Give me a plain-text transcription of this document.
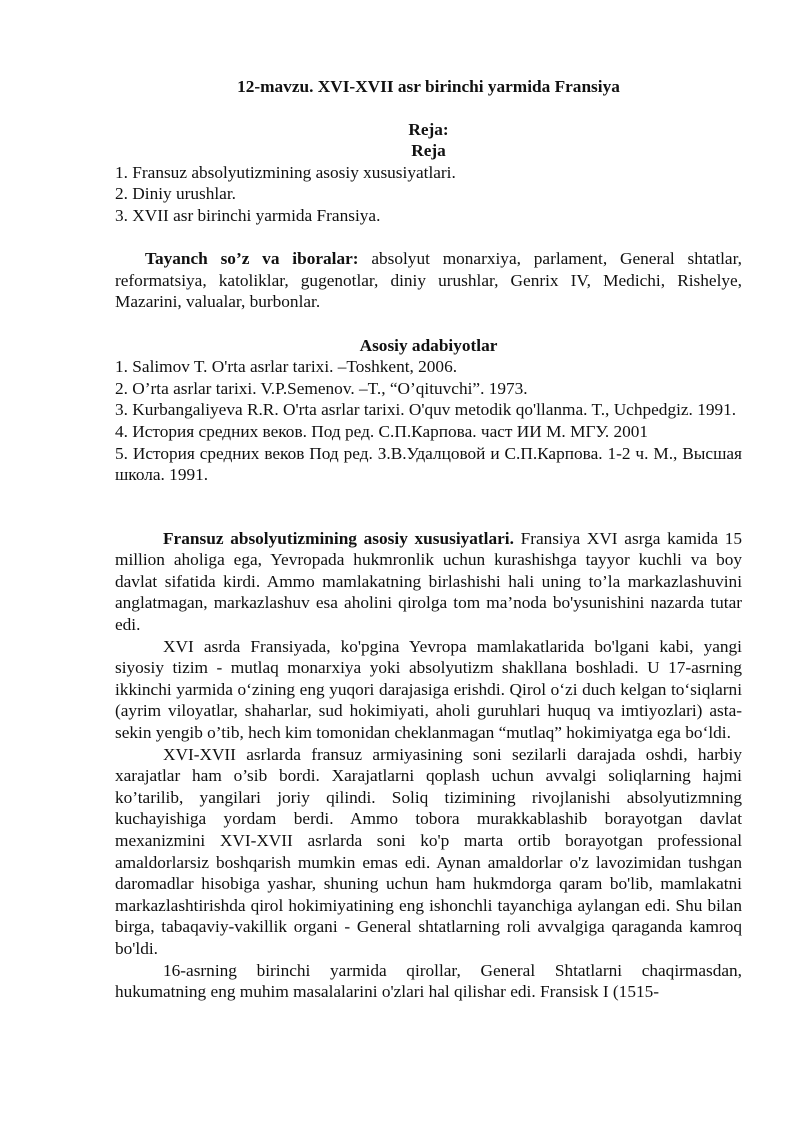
12-mavzu. XVI-XVII asr birinchi yarmida Fransiya

Reja:

Reja

1. Fransuz absolyutizmining asosiy xususiyatlari.

2. Diniy urushlar.

3. XVII asr birinchi yarmida Fransiya.

Tayanch so’z va iboralar: absolyut monarxiya, parlament, General shtatlar, reformatsiya, katoliklar, gugenotlar, diniy urushlar, Genrix IV, Medichi, Rishelye, Mazarini, valualar, burbonlar.

Asosiy adabiyotlar

1. Salimov T. O'rta asrlar tarixi. –Toshkent, 2006.

2. O’rta asrlar tarixi. V.P.Semenov. –T., “O’qituvchi”. 1973.

3. Kurbangaliyeva R.R. O'rta asrlar tarixi. O'quv metodik qo'llanma. T., Uchpedgiz. 1991.

4. История средних веков. Под ред. С.П.Карпова. част ИИ М. МГУ. 2001

5. История средних веков Под ред. З.В.Удалцовой и С.П.Карпова. 1-2 ч. М., Высшая школа. 1991.

Fransuz absolyutizmining asosiy xususiyatlari. Fransiya XVI asrga kamida 15 million aholiga ega, Yevropada hukmronlik uchun kurashishga tayyor kuchli va boy davlat sifatida kirdi. Ammo mamlakatning birlashishi hali uning to’la markazlashuvini anglatmagan, markazlashuv esa aholini qirolga tom ma’noda bo'ysunishini nazarda tutar edi.

XVI asrda Fransiyada, ko'pgina Yevropa mamlakatlarida bo'lgani kabi, yangi siyosiy tizim - mutlaq monarxiya yoki absolyutizm shakllana boshladi. U 17-asrning ikkinchi yarmida o‘zining eng yuqori darajasiga erishdi. Qirol o‘zi duch kelgan to‘siqlarni (ayrim viloyatlar, shaharlar, sud hokimiyati, aholi guruhlari huquq va imtiyozlari) asta-sekin yengib o’tib, hech kim tomonidan cheklanmagan “mutlaq” hokimiyatga ega bo‘ldi.

XVI-XVII asrlarda fransuz armiyasining soni sezilarli darajada oshdi, harbiy xarajatlar ham o’sib bordi. Xarajatlarni qoplash uchun avvalgi soliqlarning hajmi ko’tarilib, yangilari joriy qilindi. Soliq tizimining rivojlanishi absolyutizmning kuchayishiga yordam berdi. Ammo tobora murakkablashib borayotgan davlat mexanizmini XVI-XVII asrlarda soni ko'p marta ortib borayotgan professional amaldorlarsiz boshqarish mumkin emas edi. Aynan amaldorlar o'z lavozimidan tushgan daromadlar hisobiga yashar, shuning uchun ham hukmdorga qaram bo'lib, mamlakatni markazlashtirishda qirol hokimiyatining eng ishonchli tayanchiga aylangan edi. Shu bilan birga, tabaqaviy-vakillik organi - General shtatlarning roli avvalgiga qaraganda kamroq bo'ldi.

16-asrning birinchi yarmida qirollar, General Shtatlarni chaqirmasdan, hukumatning eng muhim masalalarini o'zlari hal qilishar edi. Fransisk I (1515-
